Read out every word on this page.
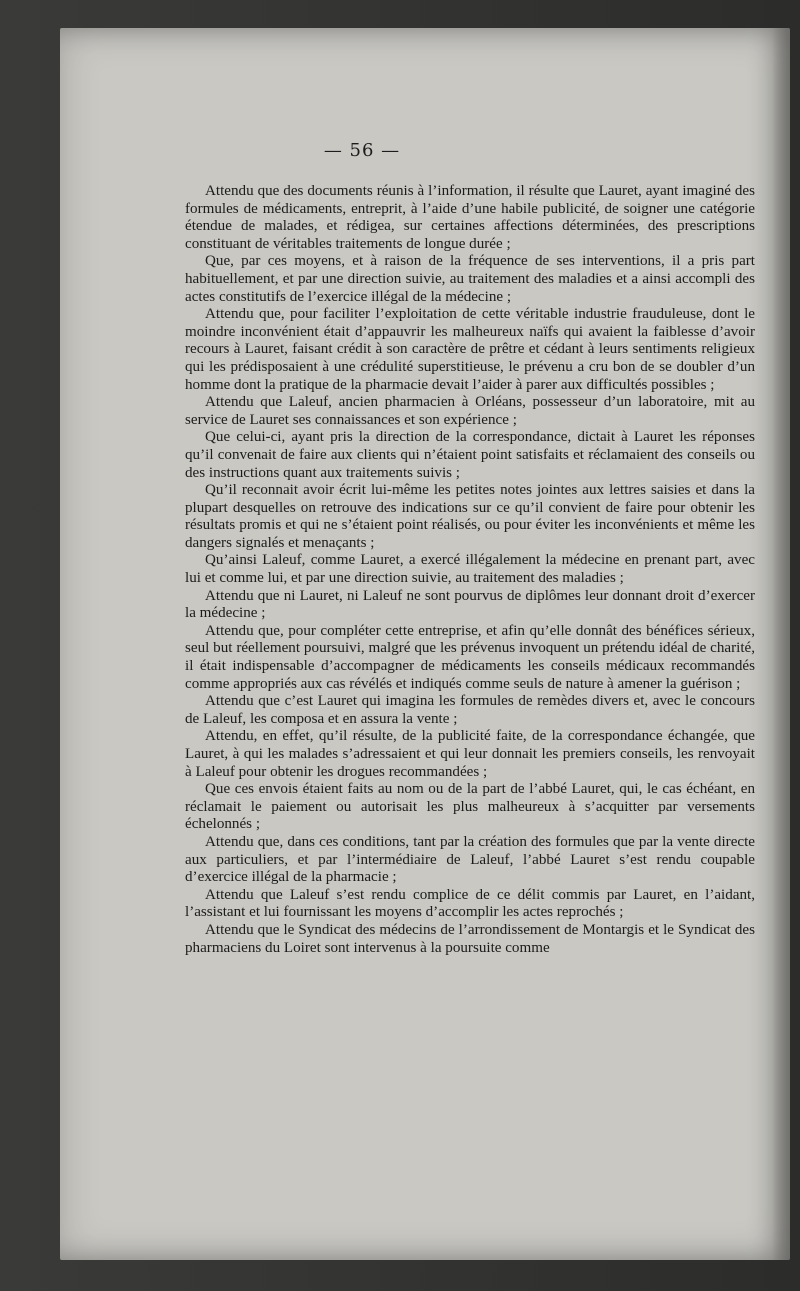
— 56 —

Attendu que des documents réunis à l’information, il résulte que Lauret, ayant imaginé des formules de médicaments, entreprit, à l’aide d’une habile publicité, de soigner une catégorie étendue de malades, et rédigea, sur certaines affections déterminées, des prescriptions constituant de véritables traitements de longue durée ;

Que, par ces moyens, et à raison de la fréquence de ses interventions, il a pris part habituellement, et par une direction suivie, au traitement des maladies et a ainsi accompli des actes constitutifs de l’exercice illégal de la médecine ;

Attendu que, pour faciliter l’exploitation de cette véritable industrie frauduleuse, dont le moindre inconvénient était d’appauvrir les malheureux naïfs qui avaient la faiblesse d’avoir recours à Lauret, faisant crédit à son caractère de prêtre et cédant à leurs sentiments religieux qui les prédisposaient à une crédulité superstitieuse, le prévenu a cru bon de se doubler d’un homme dont la pratique de la pharmacie devait l’aider à parer aux difficultés possibles ;

Attendu que Laleuf, ancien pharmacien à Orléans, possesseur d’un laboratoire, mit au service de Lauret ses connaissances et son expérience ;

Que celui-ci, ayant pris la direction de la correspondance, dictait à Lauret les réponses qu’il convenait de faire aux clients qui n’étaient point satisfaits et réclamaient des conseils ou des instructions quant aux traitements suivis ;

Qu’il reconnait avoir écrit lui-même les petites notes jointes aux lettres saisies et dans la plupart desquelles on retrouve des indications sur ce qu’il convient de faire pour obtenir les résultats promis et qui ne s’étaient point réalisés, ou pour éviter les inconvénients et même les dangers signalés et menaçants ;

Qu’ainsi Laleuf, comme Lauret, a exercé illégalement la médecine en prenant part, avec lui et comme lui, et par une direction suivie, au traitement des maladies ;

Attendu que ni Lauret, ni Laleuf ne sont pourvus de diplômes leur donnant droit d’exercer la médecine ;

Attendu que, pour compléter cette entreprise, et afin qu’elle donnât des bénéfices sérieux, seul but réellement poursuivi, malgré que les prévenus invoquent un prétendu idéal de charité, il était indispensable d’accompagner de médicaments les conseils médicaux recommandés comme appropriés aux cas révélés et indiqués comme seuls de nature à amener la guérison ;

Attendu que c’est Lauret qui imagina les formules de remèdes divers et, avec le concours de Laleuf, les composa et en assura la vente ;

Attendu, en effet, qu’il résulte, de la publicité faite, de la correspondance échangée, que Lauret, à qui les malades s’adressaient et qui leur donnait les premiers conseils, les renvoyait à Laleuf pour obtenir les drogues recommandées ;

Que ces envois étaient faits au nom ou de la part de l’abbé Lauret, qui, le cas échéant, en réclamait le paiement ou autorisait les plus malheureux à s’acquitter par versements échelonnés ;

Attendu que, dans ces conditions, tant par la création des formules que par la vente directe aux particuliers, et par l’intermédiaire de Laleuf, l’abbé Lauret s’est rendu coupable d’exercice illégal de la pharmacie ;

Attendu que Laleuf s’est rendu complice de ce délit commis par Lauret, en l’aidant, l’assistant et lui fournissant les moyens d’accomplir les actes reprochés ;

Attendu que le Syndicat des médecins de l’arrondissement de Montargis et le Syndicat des pharmaciens du Loiret sont intervenus à la poursuite comme
